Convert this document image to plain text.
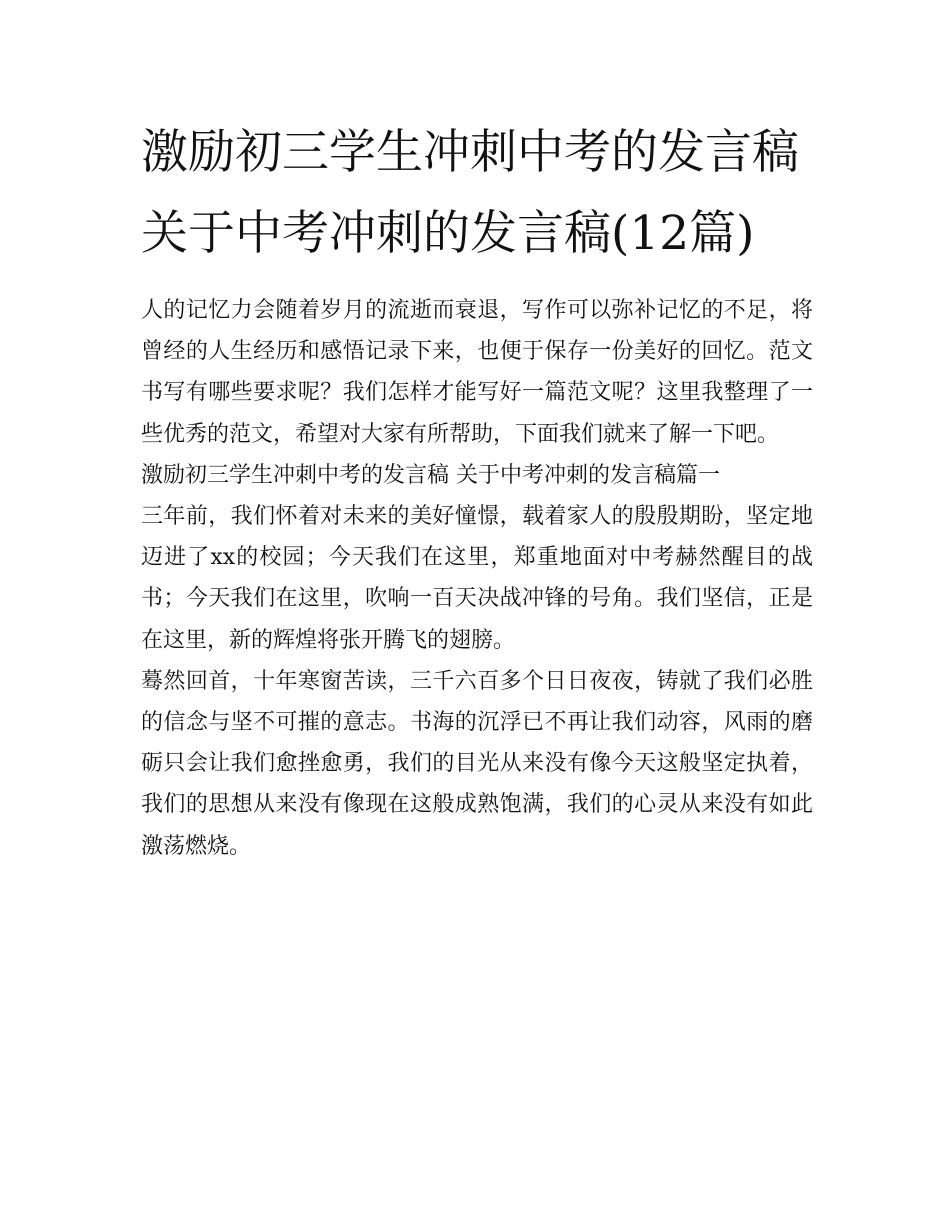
激励初三学生冲刺中考的发言稿 关于中考冲刺的发言稿(12篇)

人的记忆力会随着岁月的流逝而衰退，写作可以弥补记忆的不足，将曾经的人生经历和感悟记录下来，也便于保存一份美好的回忆。范文书写有哪些要求呢？我们怎样才能写好一篇范文呢？这里我整理了一些优秀的范文，希望对大家有所帮助，下面我们就来了解一下吧。

激励初三学生冲刺中考的发言稿 关于中考冲刺的发言稿篇一

三年前，我们怀着对未来的美好憧憬，载着家人的殷殷期盼，坚定地迈进了xx的校园；今天我们在这里，郑重地面对中考赫然醒目的战书；今天我们在这里，吹响一百天决战冲锋的号角。我们坚信，正是在这里，新的辉煌将张开腾飞的翅膀。

蓦然回首，十年寒窗苦读，三千六百多个日日夜夜，铸就了我们必胜的信念与坚不可摧的意志。书海的沉浮已不再让我们动容，风雨的磨砺只会让我们愈挫愈勇，我们的目光从来没有像今天这般坚定执着，我们的思想从来没有像现在这般成熟饱满，我们的心灵从来没有如此激荡燃烧。
